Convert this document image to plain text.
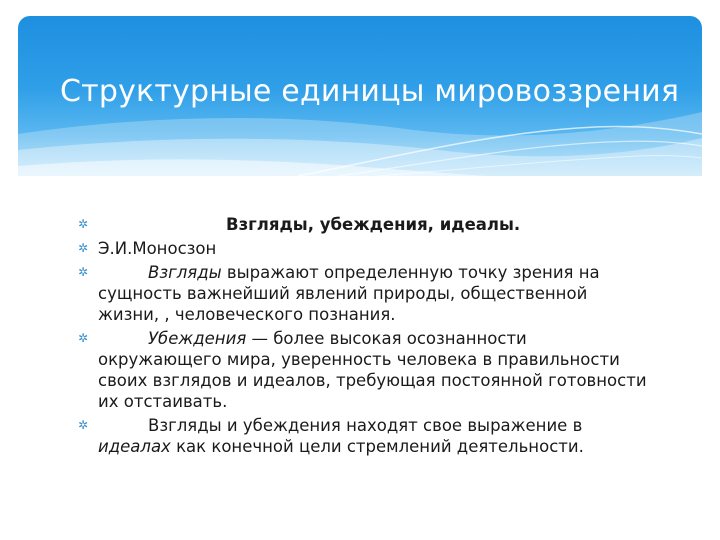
Структурные единицы мировоззрения
✲	Взгляды, убеждения, идеалы.
✲ Э.И.Моносзон
✲	Взгляды выражают определенную точку зрения на сущность важнейший явлений природы, общественной жизни, , человеческого познания.
✲	Убеждения — более высокая осознанности окружающего мира, уверенность человека в правильности своих взглядов и идеалов, требующая постоянной готовности их отстаивать.
✲	Взгляды и убеждения находят свое выражение в идеалах как конечной цели стремлений деятельности.
